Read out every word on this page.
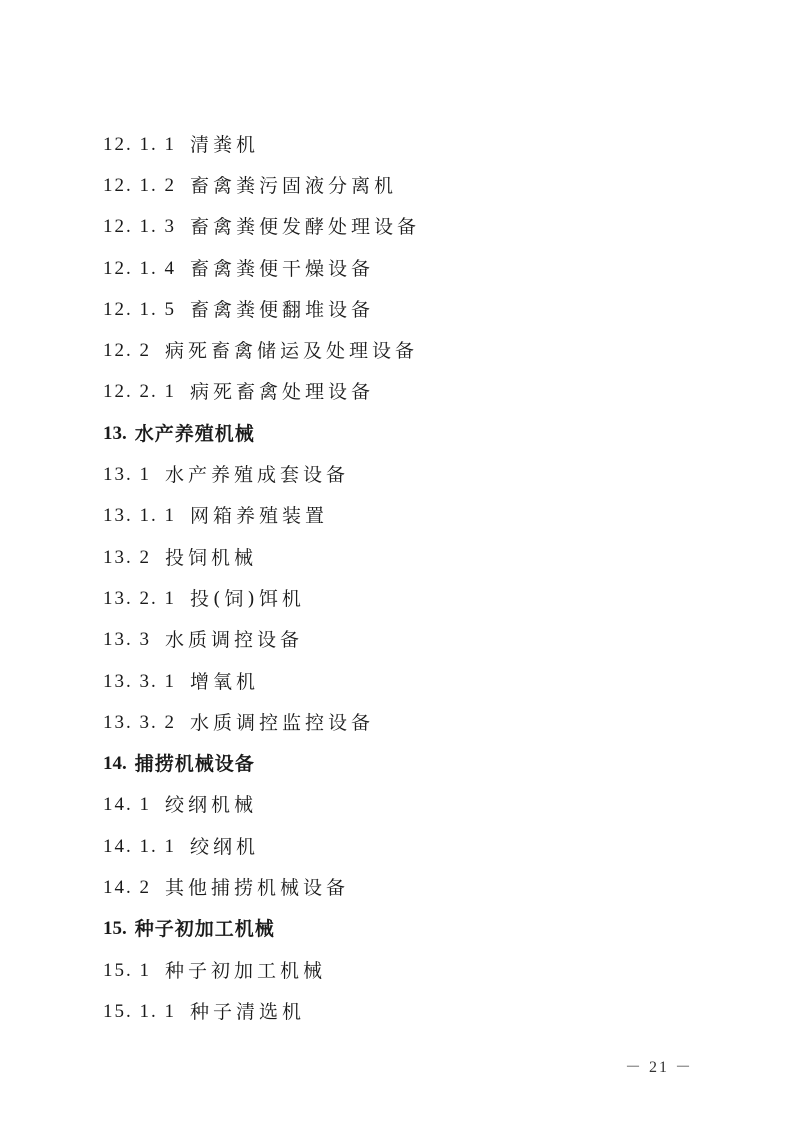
12. 1. 1 清粪机
12. 1. 2 畜禽粪污固液分离机
12. 1. 3 畜禽粪便发酵处理设备
12. 1. 4 畜禽粪便干燥设备
12. 1. 5 畜禽粪便翻堆设备
12. 2 病死畜禽储运及处理设备
12. 2. 1 病死畜禽处理设备
13. 水产养殖机械
13. 1 水产养殖成套设备
13. 1. 1 网箱养殖装置
13. 2 投饲机械
13. 2. 1 投(饲)饵机
13. 3 水质调控设备
13. 3. 1 增氧机
13. 3. 2 水质调控监控设备
14. 捕捞机械设备
14. 1 绞纲机械
14. 1. 1 绞纲机
14. 2 其他捕捞机械设备
15. 种子初加工机械
15. 1 种子初加工机械
15. 1. 1 种子清选机
－ 21 －
